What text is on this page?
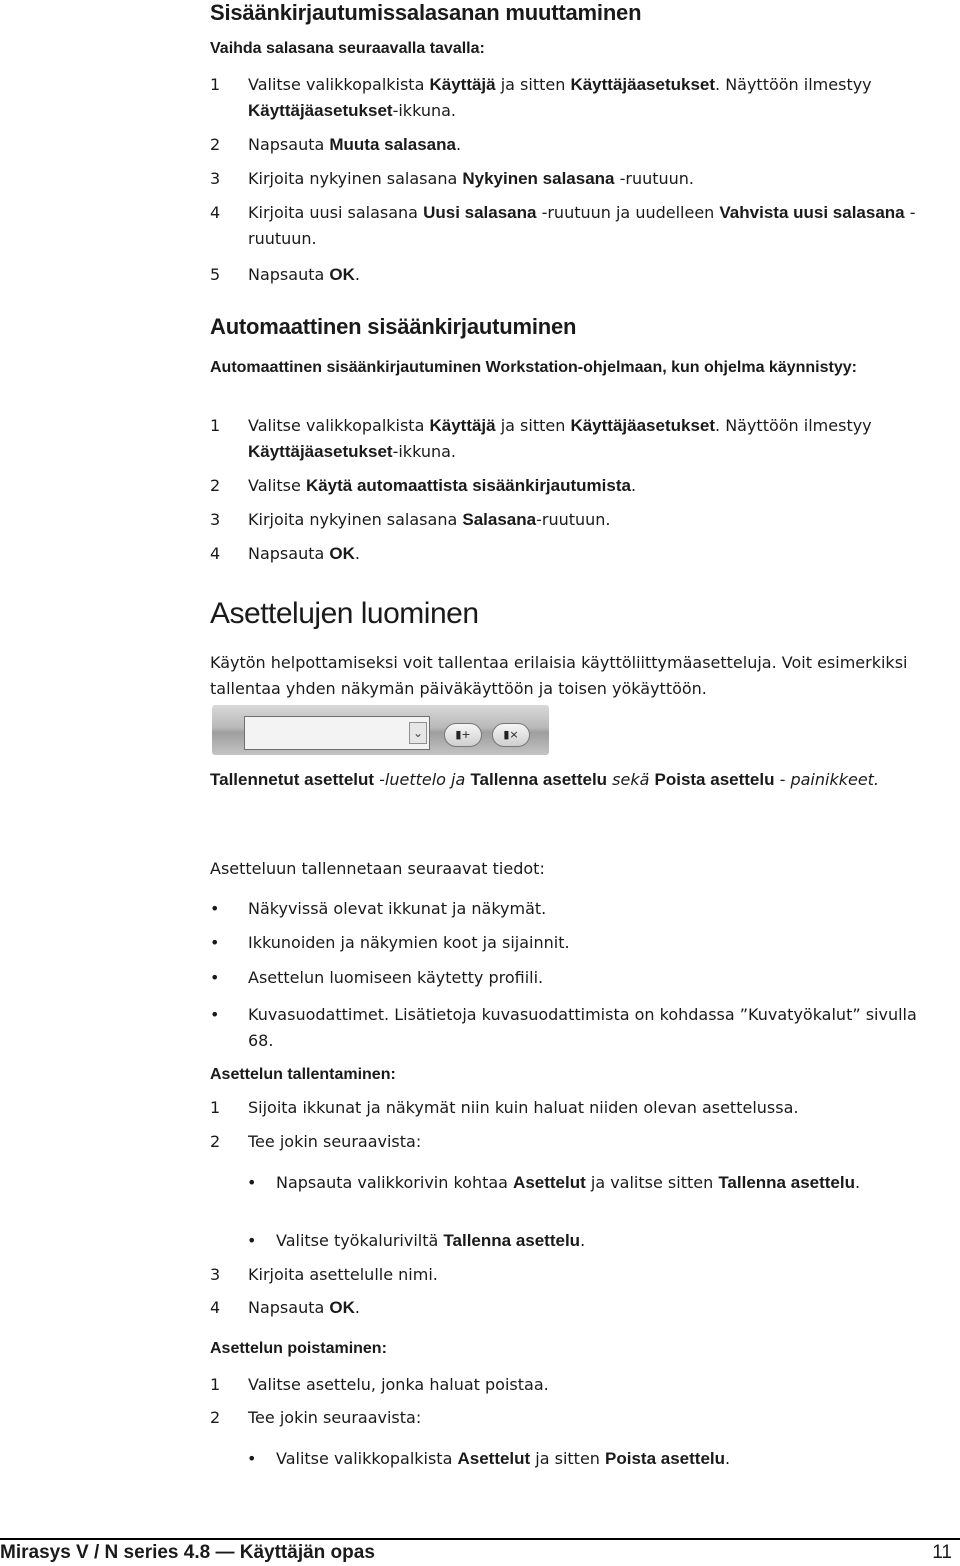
Sisäänkirjautumissalasanan muuttaminen
Vaihda salasana seuraavalla tavalla:
1 Valitse valikkopalkista Käyttäjä ja sitten Käyttäjäasetukset. Näyttöön ilmestyy Käyttäjäasetukset-ikkuna.
2 Napsauta Muuta salasana.
3 Kirjoita nykyinen salasana Nykyinen salasana -ruutuun.
4 Kirjoita uusi salasana Uusi salasana -ruutuun ja uudelleen Vahvista uusi salasana -ruutuun.
5 Napsauta OK.
Automaattinen sisäänkirjautuminen
Automaattinen sisäänkirjautuminen Workstation-ohjelmaan, kun ohjelma käynnistyy:
1 Valitse valikkopalkista Käyttäjä ja sitten Käyttäjäasetukset. Näyttöön ilmestyy Käyttäjäasetukset-ikkuna.
2 Valitse Käytä automaattista sisäänkirjautumista.
3 Kirjoita nykyinen salasana Salasana-ruutuun.
4 Napsauta OK.
Asettelujen luominen
Käytön helpottamiseksi voit tallentaa erilaisia käyttöliittymäasetteluja. Voit esimerkiksi tallentaa yhden näkymän päiväkäyttöön ja toisen yökäyttöön.
Tallennetut asettelut -luettelo ja Tallenna asettelu sekä Poista asettelu - painikkeet.
Asetteluun tallennetaan seuraavat tiedot:
• Näkyvissä olevat ikkunat ja näkymät.
• Ikkunoiden ja näkymien koot ja sijainnit.
• Asettelun luomiseen käytetty profiili.
• Kuvasuodattimet. Lisätietoja kuvasuodattimista on kohdassa ”Kuvatyökalut” sivulla 68.
Asettelun tallentaminen:
1 Sijoita ikkunat ja näkymät niin kuin haluat niiden olevan asettelussa.
2 Tee jokin seuraavista:
• Napsauta valikkorivin kohtaa Asettelut ja valitse sitten Tallenna asettelu.
• Valitse työkaluriviltä Tallenna asettelu.
3 Kirjoita asettelulle nimi.
4 Napsauta OK.
Asettelun poistaminen:
1 Valitse asettelu, jonka haluat poistaa.
2 Tee jokin seuraavista:
• Valitse valikkopalkista Asettelut ja sitten Poista asettelu.
⌄	▮+	▮×
Mirasys V / N series 4.8 — Käyttäjän opas	11
